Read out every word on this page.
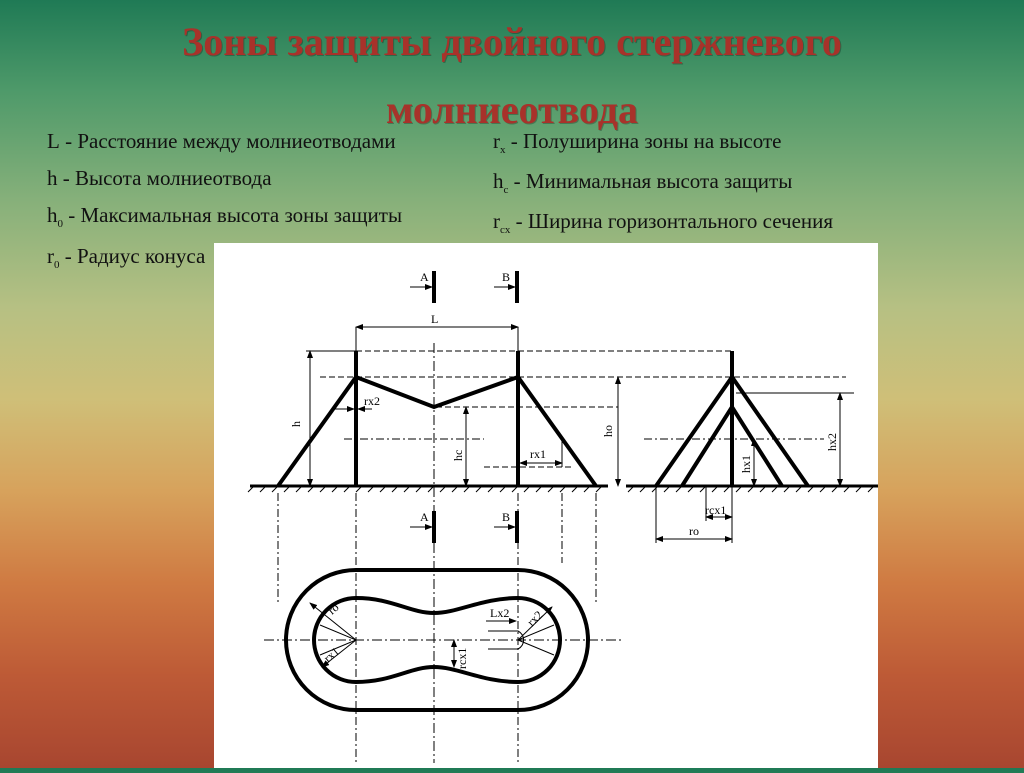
Зоны защиты двойного стержневого
молниеотвода
L - Расстояние между молниеотводами
h - Высота молниеотвода
$h_0$ - Максимальная высота зоны защиты
$r_0$ - Радиус конуса
$r_x$ - Полуширина зоны на высоте
$h_c$ - Минимальная высота защиты
$r_{cx}$ - Ширина горизонтального сечения
A	B
L
h
rx2
hc	rx1
ho
hx1
hx2
rcx1
ro
A	B
ro
rx1	rcx1
Lx2 rx2
